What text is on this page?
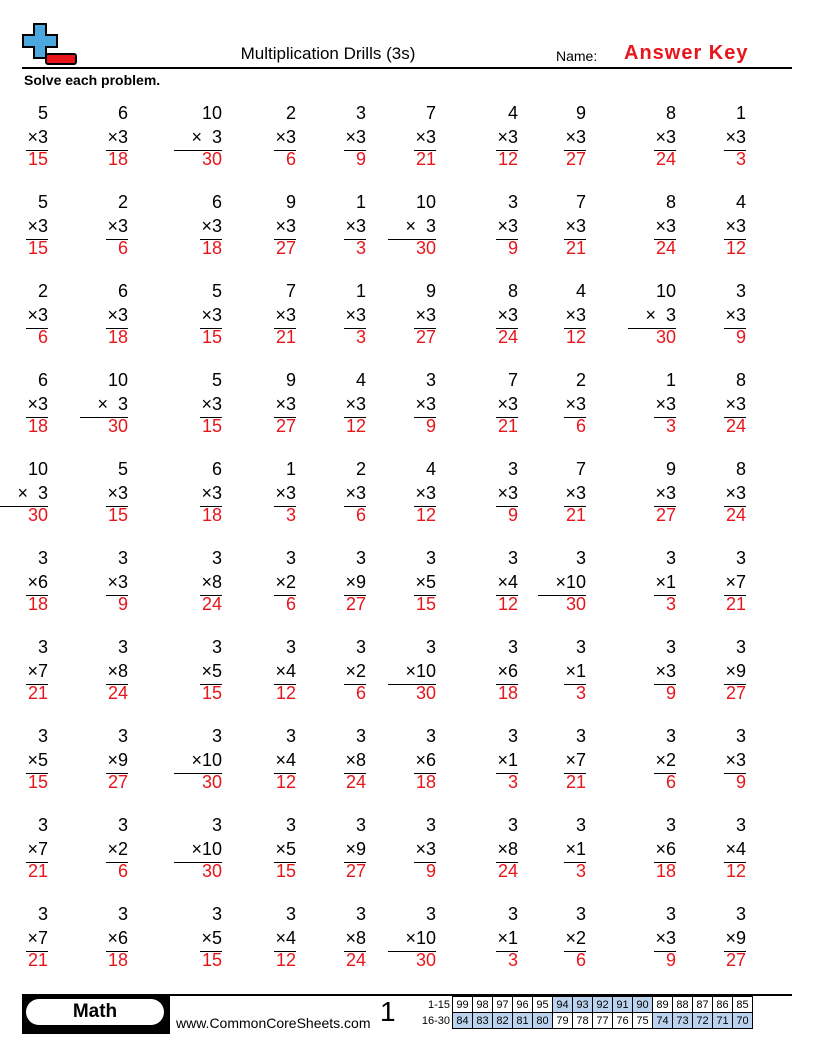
Multiplication Drills (3s)	Name: Answer Key
Solve each problem.
5
×3
15
6
×3
18
10
×  3
30
2
×3
6
3
×3
9
7
×3
21
4
×3
12
9
×3
27
8
×3
24
1
×3
3
5
×3
15
2
×3
6
6
×3
18
9
×3
27
1
×3
3
10
×  3
30
3
×3
9
7
×3
21
8
×3
24
4
×3
12
2
×3
6
6
×3
18
5
×3
15
7
×3
21
1
×3
3
9
×3
27
8
×3
24
4
×3
12
10
×  3
30
3
×3
9
6
×3
18
10
×  3
30
5
×3
15
9
×3
27
4
×3
12
3
×3
9
7
×3
21
2
×3
6
1
×3
3
8
×3
24
10
×  3
30
5
×3
15
6
×3
18
1
×3
3
2
×3
6
4
×3
12
3
×3
9
7
×3
21
9
×3
27
8
×3
24
3
×6
18
3
×3
9
3
×8
24
3
×2
6
3
×9
27
3
×5
15
3
×4
12
3
×10
30
3
×1
3
3
×7
21
3
×7
21
3
×8
24
3
×5
15
3
×4
12
3
×2
6
3
×10
30
3
×6
18
3
×1
3
3
×3
9
3
×9
27
3
×5
15
3
×9
27
3
×10
30
3
×4
12
3
×8
24
3
×6
18
3
×1
3
3
×7
21
3
×2
6
3
×3
9
3
×7
21
3
×2
6
3
×10
30
3
×5
15
3
×9
27
3
×3
9
3
×8
24
3
×1
3
3
×6
18
3
×4
12
3
×7
21
3
×6
18
3
×5
15
3
×4
12
3
×8
24
3
×10
30
3
×1
3
3
×2
6
3
×3
9
3
×9
27
Math
www.CommonCoreSheets.com 1	1-15	99	98	97	96	95	94	93	92	91	90	89	88	87	86	85
16-30	84	83	82	81	80	79	78	77	76	75	74	73	72	71	70
